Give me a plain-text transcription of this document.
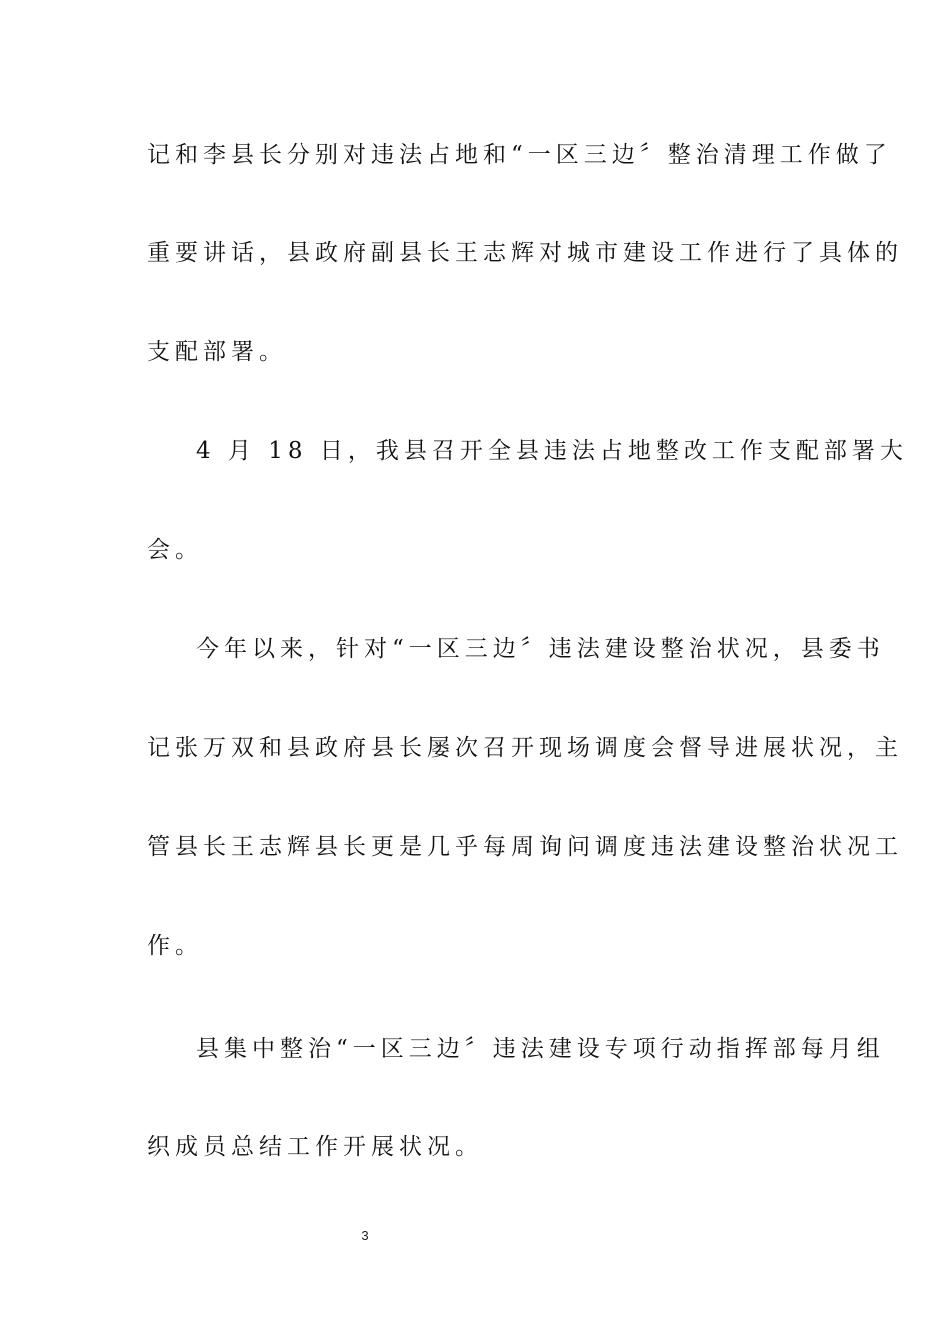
记和李县长分别对违法占地和“一区三边〞整治清理工作做了
重要讲话，县政府副县长王志辉对城市建设工作进行了具体的
支配部署。
4 月 18 日，我县召开全县违法占地整改工作支配部署大
会。
今年以来，针对“一区三边〞违法建设整治状况，县委书
记张万双和县政府县长屡次召开现场调度会督导进展状况，主
管县长王志辉县长更是几乎每周询问调度违法建设整治状况工
作。
县集中整治“一区三边〞违法建设专项行动指挥部每月组
织成员总结工作开展状况。
3
